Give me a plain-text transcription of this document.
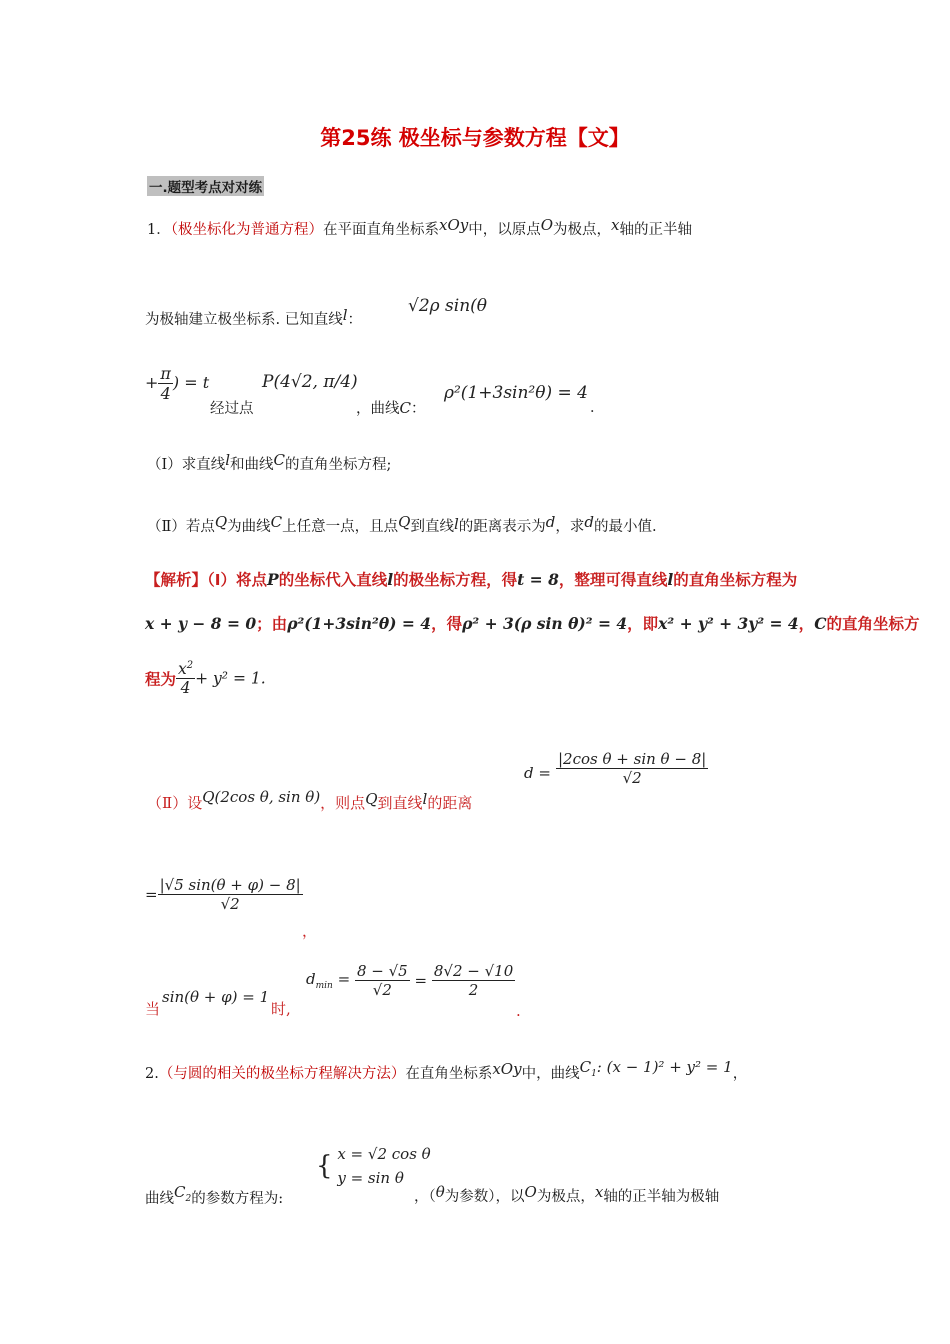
第25练 极坐标与参数方程【文】
一.题型考点对对练
1．（极坐标化为普通方程）在平面直角坐标系xOy中，以原点O为极点，x轴的正半轴
为极轴建立极坐标系. 已知直线l：
√2ρ sin(θ
+ $\frac{\pi}{4}$ ) = t
经过点
P(4√2, π/4)
，曲线C：
ρ²(1+3sin²θ) = 4
．
（Ⅰ）求直线l和曲线C的直角坐标方程;
（Ⅱ）若点Q为曲线C上任意一点，且点Q到直线l的距离表示为d，求d的最小值.
【解析】（Ⅰ）将点P的坐标代入直线l的极坐标方程，得t = 8，整理可得直线l的直角坐标方程为
x + y − 8 = 0；由ρ²(1+3sin²θ) = 4，得ρ² + 3(ρ sin θ)² = 4，即x² + y² + 3y² = 4，C的直角坐标方
程为 $\frac{x^2}{4} + y^2 = 1$.
（Ⅱ）设Q(2cos θ, sin θ)，则点Q到直线l的距离
$d = \frac{\text{|2cos θ + sin θ − 8|}}{√2}$
= $\frac{|√5 \sin(\theta + \varphi) - 8|}{√2}$
，
当
sin(θ + φ) = 1
时,
$d_{min} = \frac{8 - √5}{√2} = \frac{8√2 - √10}{2}$
.
2.（与圆的相关的极坐标方程解决方法）在直角坐标系xOy中，曲线$C_1$: (x − 1)² + y² = 1，
曲线$C_2$的参数方程为:
{ x = √2 cos θ
y = sin θ
，（θ为参数），以O为极点，x轴的正半轴为极轴
